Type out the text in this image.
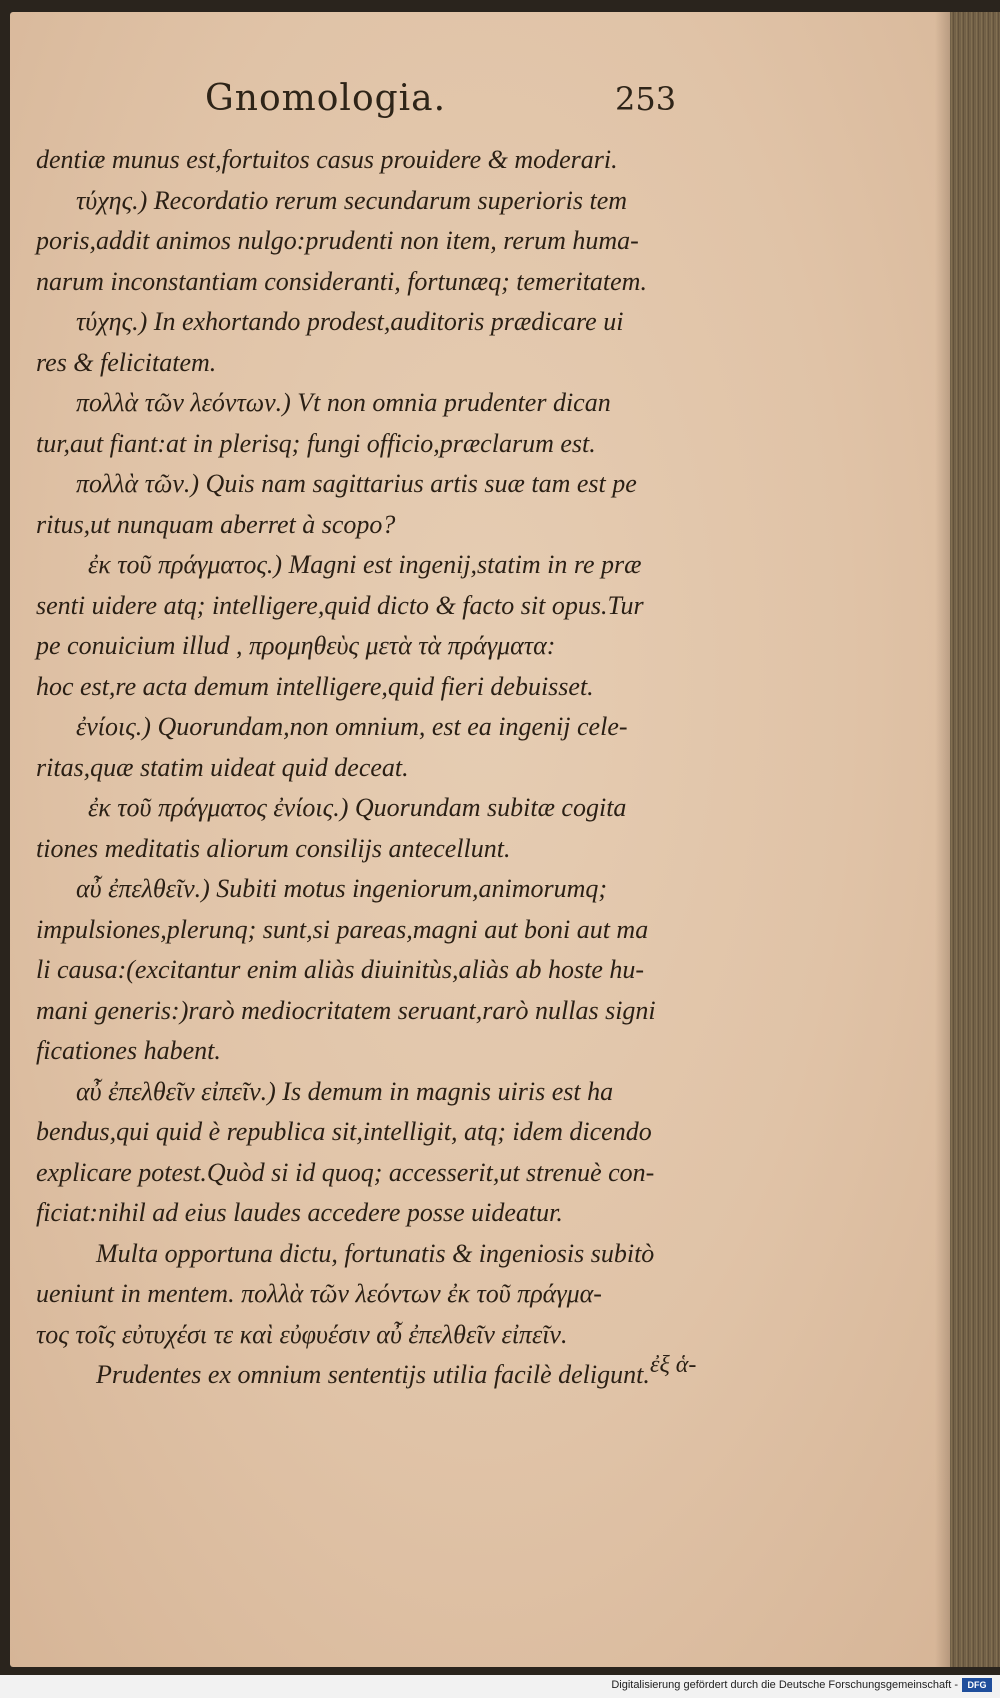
Gnomologia.	253
dentiæ munus est,fortuitos casus prouidere & moderari.
τύχης.) Recordatio rerum secundarum superioris tem
poris,addit animos nulgo:prudenti non item, rerum huma-
narum inconstantiam consideranti, fortunæq; temeritatem.
τύχης.) In exhortando prodest,auditoris prædicare ui
res & felicitatem.
πολλὰ τῶν λεόντων.) Vt non omnia prudenter dican
tur,aut fiant:at in plerisq; fungi officio,præclarum est.
πολλὰ τῶν.) Quis nam sagittarius artis suæ tam est pe
ritus,ut nunquam aberret à scopo?
ἐκ τοῦ πράγματος.) Magni est ingenij,statim in re præ
senti uidere atq; intelligere,quid dicto & facto sit opus.Tur
pe conuicium illud , προμηθεὺς μετὰ τὰ πράγματα:
hoc est,re acta demum intelligere,quid fieri debuisset.
ἐνίοις.) Quorundam,non omnium, est ea ingenij cele-
ritas,quæ statim uideat quid deceat.
ἐκ τοῦ πράγματος ἐνίοις.) Quorundam subitæ cogita
tiones meditatis aliorum consilijs antecellunt.
αὖ ἐπελθεῖν.) Subiti motus ingeniorum,animorumq;
impulsiones,plerunq; sunt,si pareas,magni aut boni aut ma
li causa:(excitantur enim aliàs diuinitùs,aliàs ab hoste hu-
mani generis:)rarò mediocritatem seruant,rarò nullas signi
ficationes habent.
αὖ ἐπελθεῖν εἰπεῖν.) Is demum in magnis uiris est ha
bendus,qui quid è republica sit,intelligit, atq; idem dicendo
explicare potest.Quòd si id quoq; accesserit,ut strenuè con-
ficiat:nihil ad eius laudes accedere posse uideatur.
Multa opportuna dictu, fortunatis & ingeniosis subitò
ueniunt in mentem. πολλὰ τῶν λεόντων ἐκ τοῦ πράγμα-
τος τοῖς εὐτυχέσι τε καὶ εὐφυέσιν αὖ ἐπελθεῖν εἰπεῖν.
Prudentes ex omnium sententijs utilia facilè deligunt. ἐξ ἁ-
Digitalisierung gefördert durch die Deutsche Forschungsgemeinschaft -	DFG
